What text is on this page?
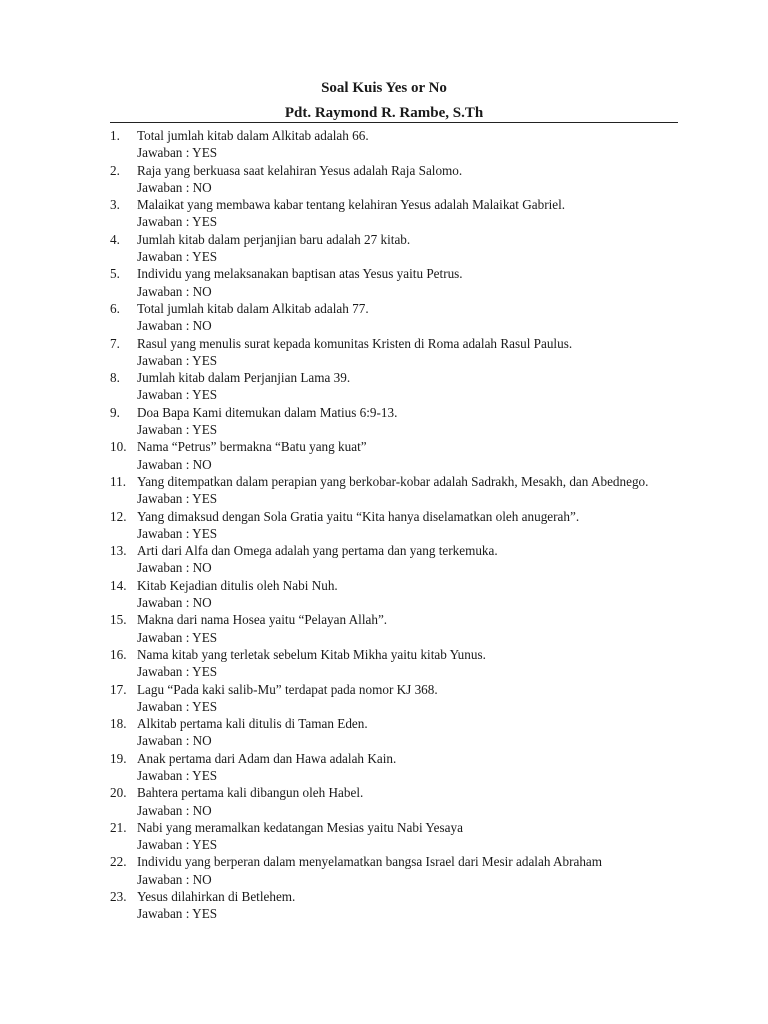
Soal Kuis Yes or No
Pdt. Raymond R. Rambe, S.Th
1. Total jumlah kitab dalam Alkitab adalah 66.
Jawaban : YES
2. Raja yang berkuasa saat kelahiran Yesus adalah Raja Salomo.
Jawaban : NO
3. Malaikat yang membawa kabar tentang kelahiran Yesus adalah Malaikat Gabriel.
Jawaban : YES
4. Jumlah kitab dalam perjanjian baru adalah 27 kitab.
Jawaban : YES
5. Individu yang melaksanakan baptisan atas Yesus yaitu Petrus.
Jawaban : NO
6. Total jumlah kitab dalam Alkitab adalah 77.
Jawaban : NO
7. Rasul yang menulis surat kepada komunitas Kristen di Roma adalah Rasul Paulus.
Jawaban : YES
8. Jumlah kitab dalam Perjanjian Lama 39.
Jawaban : YES
9. Doa Bapa Kami ditemukan dalam Matius 6:9-13.
Jawaban : YES
10. Nama “Petrus” bermakna “Batu yang kuat”
Jawaban : NO
11. Yang ditempatkan dalam perapian yang berkobar-kobar adalah Sadrakh, Mesakh, dan Abednego.
Jawaban : YES
12. Yang dimaksud dengan Sola Gratia yaitu “Kita hanya diselamatkan oleh anugerah”.
Jawaban : YES
13. Arti dari Alfa dan Omega adalah yang pertama dan yang terkemuka.
Jawaban : NO
14. Kitab Kejadian ditulis oleh Nabi Nuh.
Jawaban : NO
15. Makna dari nama Hosea yaitu “Pelayan Allah”.
Jawaban : YES
16. Nama kitab yang terletak sebelum Kitab Mikha yaitu kitab Yunus.
Jawaban : YES
17. Lagu “Pada kaki salib-Mu” terdapat pada nomor KJ 368.
Jawaban : YES
18. Alkitab pertama kali ditulis di Taman Eden.
Jawaban : NO
19. Anak pertama dari Adam dan Hawa adalah Kain.
Jawaban : YES
20. Bahtera pertama kali dibangun oleh Habel.
Jawaban : NO
21. Nabi yang meramalkan kedatangan Mesias yaitu Nabi Yesaya
Jawaban : YES
22. Individu yang berperan dalam menyelamatkan bangsa Israel dari Mesir adalah Abraham
Jawaban : NO
23. Yesus dilahirkan di Betlehem.
Jawaban : YES
